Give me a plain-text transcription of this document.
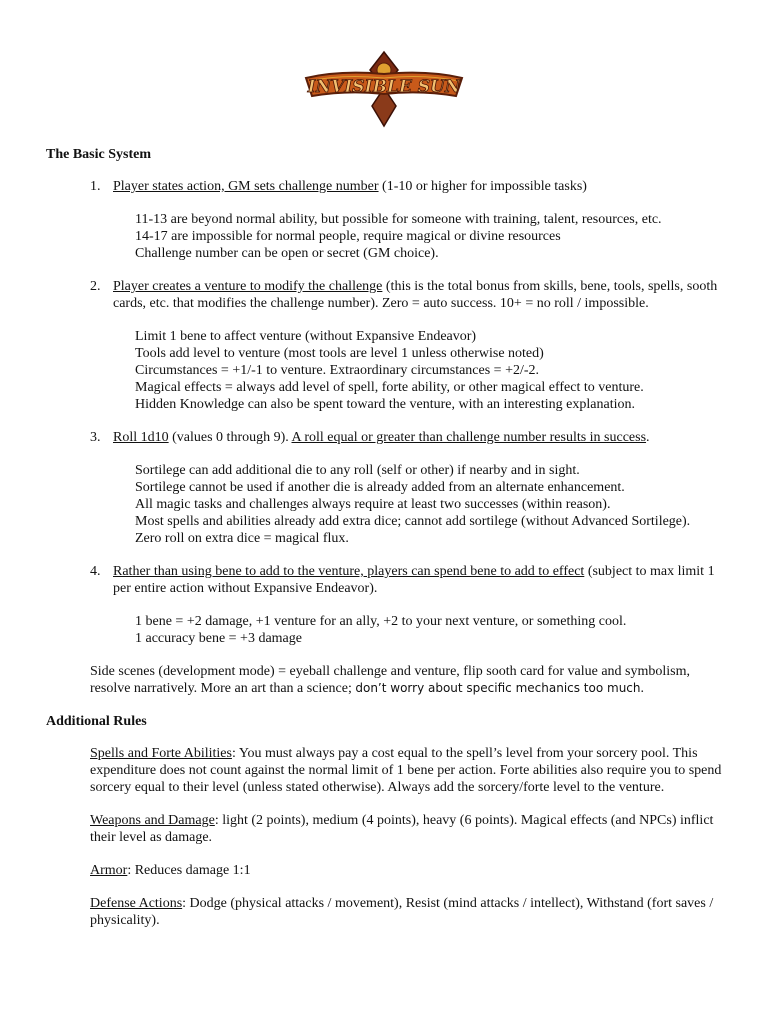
INVISIBLE SUN
The Basic System
1. Player states action, GM sets challenge number (1-10 or higher for impossible tasks)
11-13 are beyond normal ability, but possible for someone with training, talent, resources, etc.
14-17 are impossible for normal people, require magical or divine resources
Challenge number can be open or secret (GM choice).
2. Player creates a venture to modify the challenge (this is the total bonus from skills, bene, tools, spells, sooth cards, etc. that modifies the challenge number). Zero = auto success. 10+ = no roll / impossible.
Limit 1 bene to affect venture (without Expansive Endeavor)
Tools add level to venture (most tools are level 1 unless otherwise noted)
Circumstances = +1/-1 to venture. Extraordinary circumstances = +2/-2.
Magical effects = always add level of spell, forte ability, or other magical effect to venture.
Hidden Knowledge can also be spent toward the venture, with an interesting explanation.
3. Roll 1d10 (values 0 through 9). A roll equal or greater than challenge number results in success.
Sortilege can add additional die to any roll (self or other) if nearby and in sight.
Sortilege cannot be used if another die is already added from an alternate enhancement.
All magic tasks and challenges always require at least two successes (within reason).
Most spells and abilities already add extra dice; cannot add sortilege (without Advanced Sortilege).
Zero roll on extra dice = magical flux.
4. Rather than using bene to add to the venture, players can spend bene to add to effect (subject to max limit 1 per entire action without Expansive Endeavor).
1 bene = +2 damage, +1 venture for an ally, +2 to your next venture, or something cool.
1 accuracy bene = +3 damage
Side scenes (development mode) = eyeball challenge and venture, flip sooth card for value and symbolism, resolve narratively. More an art than a science; don’t worry about specific mechanics too much.
Additional Rules
Spells and Forte Abilities: You must always pay a cost equal to the spell’s level from your sorcery pool. This expenditure does not count against the normal limit of 1 bene per action. Forte abilities also require you to spend sorcery equal to their level (unless stated otherwise). Always add the sorcery/forte level to the venture.
Weapons and Damage: light (2 points), medium (4 points), heavy (6 points). Magical effects (and NPCs) inflict their level as damage.
Armor: Reduces damage 1:1
Defense Actions: Dodge (physical attacks / movement), Resist (mind attacks / intellect), Withstand (fort saves / physicality).
